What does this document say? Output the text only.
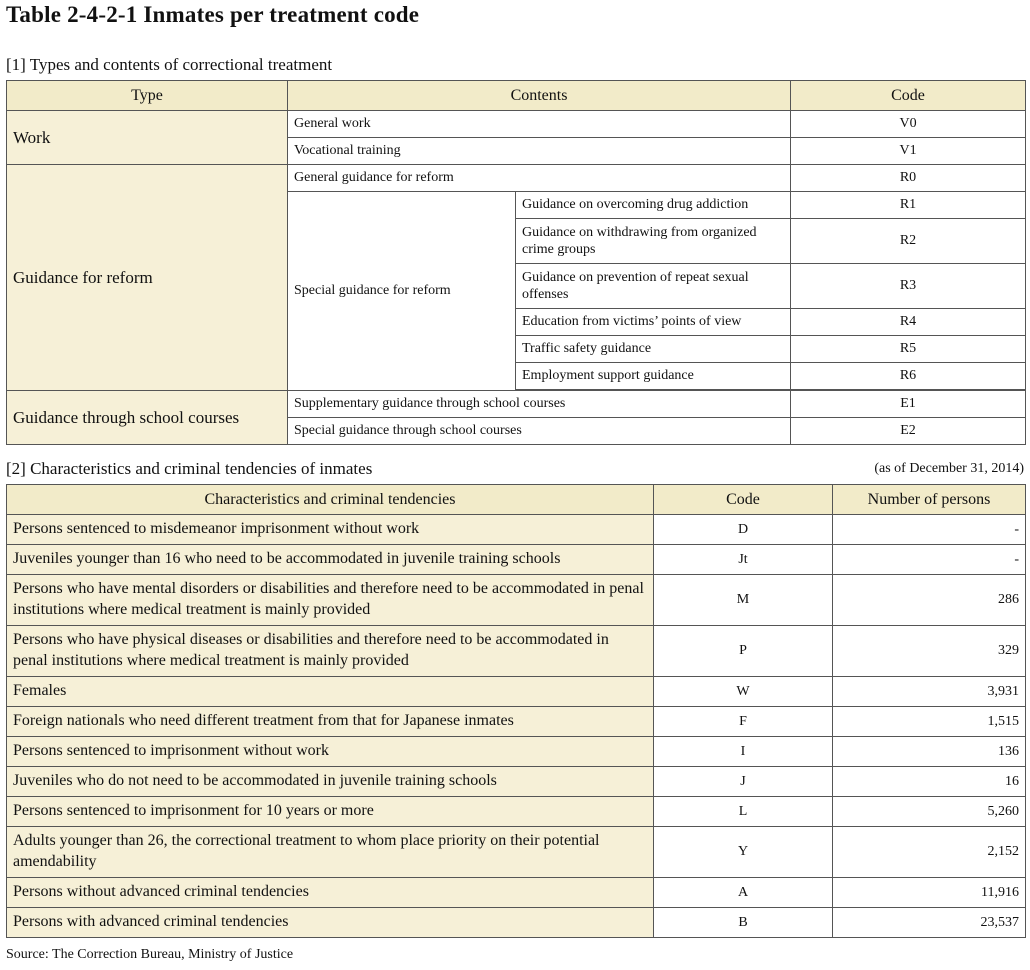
Table 2-4-2-1 Inmates per treatment code
[1] Types and contents of correctional treatment
Type	Contents		Code
Work	General work		V0
	Vocational training		V1
Guidance for reform	General guidance for reform		R0
	Special guidance for reform	Guidance on overcoming drug addiction	R1
		Guidance on withdrawing from organized crime groups	R2
		Guidance on prevention of repeat sexual offenses	R3
		Education from victims’ points of view	R4
		Traffic safety guidance	R5
		Employment support guidance	R6

Guidance through school courses	Supplementary guidance through school courses		E1
	Special guidance through school courses		E2
[2] Characteristics and criminal tendencies of inmates	(as of December 31, 2014)
Characteristics and criminal tendencies	Code	Number of persons
Persons sentenced to misdemeanor imprisonment without work	D	-
Juveniles younger than 16 who need to be accommodated in juvenile training schools	Jt	-
Persons who have mental disorders or disabilities and therefore need to be accommodated in penal institutions where medical treatment is mainly provided	M	286
Persons who have physical diseases or disabilities and therefore need to be accommodated in penal institutions where medical treatment is mainly provided	P	329
Females	W	3,931
Foreign nationals who need different treatment from that for Japanese inmates	F	1,515
Persons sentenced to imprisonment without work	I	136
Juveniles who do not need to be accommodated in juvenile training schools	J	16
Persons sentenced to imprisonment for 10 years or more	L	5,260
Adults younger than 26, the correctional treatment to whom place priority on their potential amendability	Y	2,152
Persons without advanced criminal tendencies	A	11,916
Persons with advanced criminal tendencies	B	23,537
Source: The Correction Bureau, Ministry of Justice
